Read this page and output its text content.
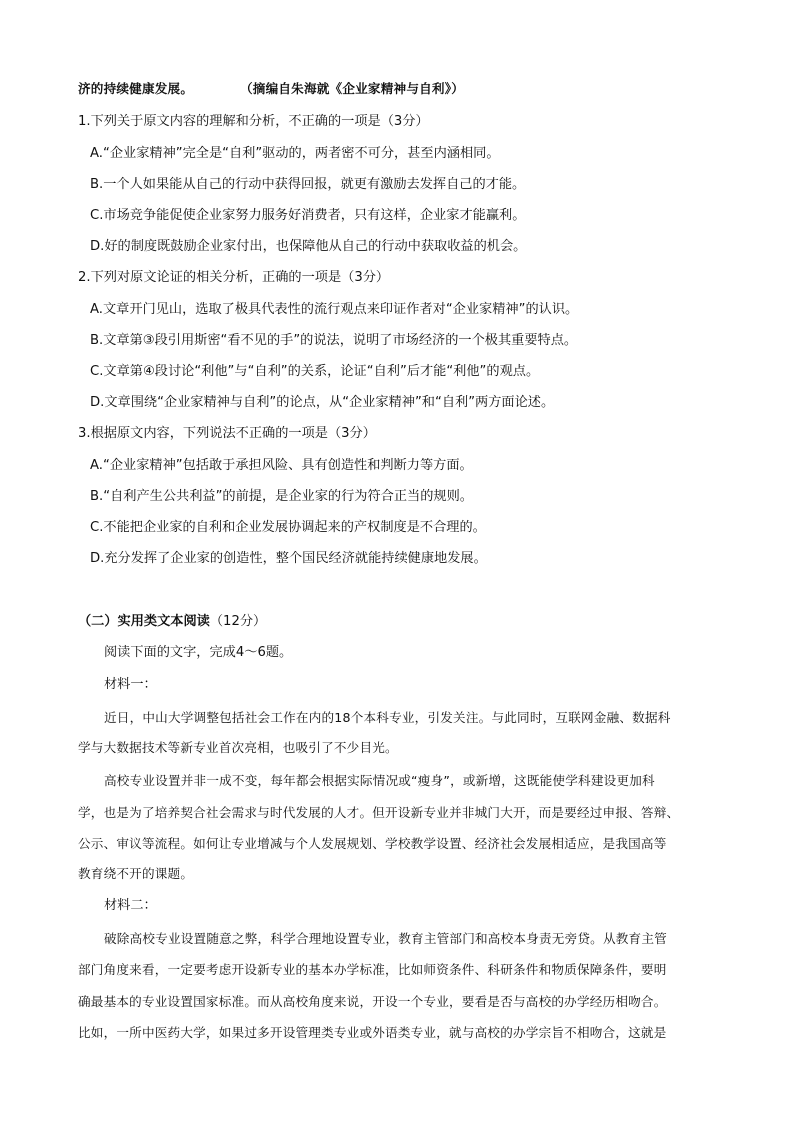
济的持续健康发展。	（摘编自朱海就《企业家精神与自利》）
1.下列关于原文内容的理解和分析，不正确的一项是（3分）
A.“企业家精神”完全是“自利”驱动的，两者密不可分，甚至内涵相同。
B.一个人如果能从自己的行动中获得回报，就更有激励去发挥自己的才能。
C.市场竞争能促使企业家努力服务好消费者，只有这样，企业家才能赢利。
D.好的制度既鼓励企业家付出，也保障他从自己的行动中获取收益的机会。
2.下列对原文论证的相关分析，正确的一项是（3分）
A.文章开门见山，选取了极具代表性的流行观点来印证作者对“企业家精神”的认识。
B.文章第③段引用斯密“看不见的手”的说法，说明了市场经济的一个极其重要特点。
C.文章第④段讨论“利他”与“自利”的关系，论证“自利”后才能“利他”的观点。
D.文章围绕“企业家精神与自利”的论点，从“企业家精神”和“自利”两方面论述。
3.根据原文内容，下列说法不正确的一项是（3分）
A.“企业家精神”包括敢于承担风险、具有创造性和判断力等方面。
B.“自利产生公共利益”的前提，是企业家的行为符合正当的规则。
C.不能把企业家的自利和企业发展协调起来的产权制度是不合理的。
D.充分发挥了企业家的创造性，整个国民经济就能持续健康地发展。
（二）实用类文本阅读（12分）
阅读下面的文字，完成4～6题。
材料一：
近日，中山大学调整包括社会工作在内的18个本科专业，引发关注。与此同时，互联网金融、数据科
学与大数据技术等新专业首次亮相，也吸引了不少目光。
高校专业设置并非一成不变，每年都会根据实际情况或“瘦身”，或新增，这既能使学科建设更加科
学，也是为了培养契合社会需求与时代发展的人才。但开设新专业并非城门大开，而是要经过申报、答辩、
公示、审议等流程。如何让专业增减与个人发展规划、学校教学设置、经济社会发展相适应，是我国高等
教育绕不开的课题。
材料二：
破除高校专业设置随意之弊，科学合理地设置专业，教育主管部门和高校本身责无旁贷。从教育主管
部门角度来看，一定要考虑开设新专业的基本办学标准，比如师资条件、科研条件和物质保障条件，要明
确最基本的专业设置国家标准。而从高校角度来说，开设一个专业，要看是否与高校的办学经历相吻合。
比如，一所中医药大学，如果过多开设管理类专业或外语类专业，就与高校的办学宗旨不相吻合，这就是
